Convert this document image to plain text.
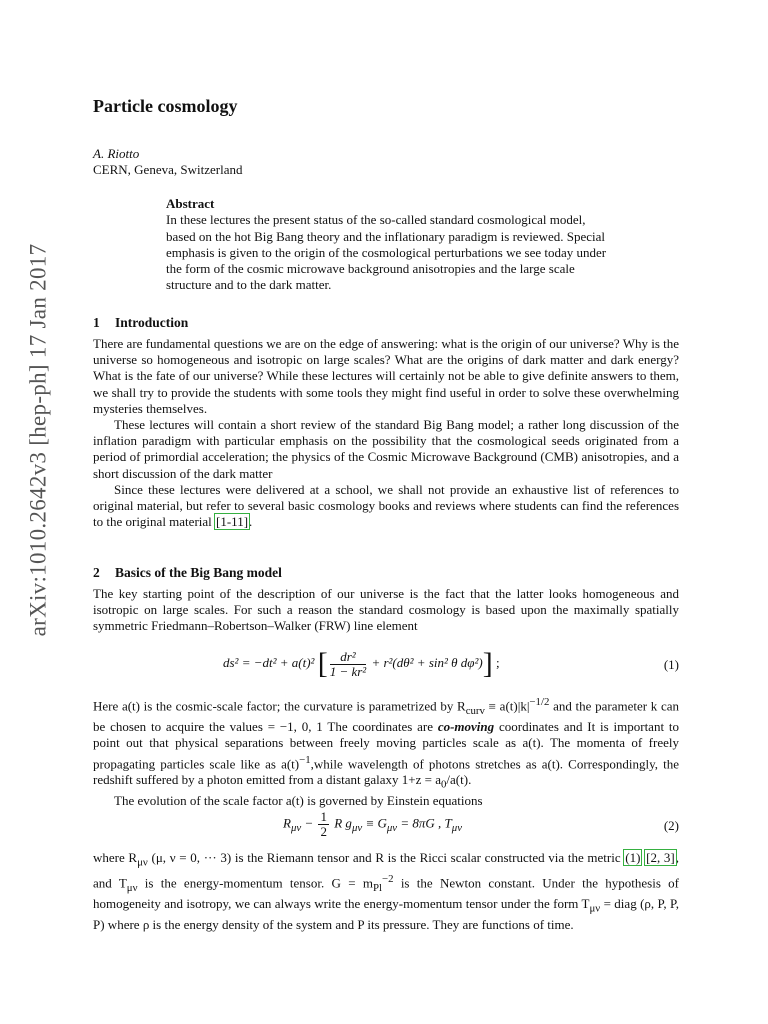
arXiv:1010.2642v3 [hep-ph] 17 Jan 2017
Particle cosmology
A. Riotto
CERN, Geneva, Switzerland
Abstract

In these lectures the present status of the so-called standard cosmological model, based on the hot Big Bang theory and the inflationary paradigm is reviewed. Special emphasis is given to the origin of the cosmological perturbations we see today under the form of the cosmic microwave background anisotropies and the large scale structure and to the dark matter.

1 Introduction

There are fundamental questions we are on the edge of answering: what is the origin of our universe? Why is the universe so homogeneous and isotropic on large scales? What are the origins of dark matter and dark energy? What is the fate of our universe? While these lectures will certainly not be able to give definite answers to them, we shall try to provide the students with some tools they might find useful in order to solve these overwhelming mysteries themselves.

These lectures will contain a short review of the standard Big Bang model; a rather long discussion of the inflation paradigm with particular emphasis on the possibility that the cosmological seeds originated from a period of primordial acceleration; the physics of the Cosmic Microwave Background (CMB) anisotropies, and a short discussion of the dark matter

Since these lectures were delivered at a school, we shall not provide an exhaustive list of references to original material, but refer to several basic cosmology books and reviews where students can find the references to the original material [1-11].

2 Basics of the Big Bang model

The key starting point of the description of our universe is the fact that the latter looks homogeneous and isotropic on large scales. For such a reason the standard cosmology is based upon the maximally spatially symmetric Friedmann–Robertson–Walker (FRW) line element

ds² = −dt² + a(t)² [ $\frac{\text{dr²}}{\text{1 − kr²}} + r^2(d\theta^2 + \sin^2$ θ dφ²)] ;	(1)

Here a(t) is the cosmic-scale factor; the curvature is parametrized by $R_{curv} \equiv a(t)|k|^{-1/2}$ and the parameter k can be chosen to acquire the values = −1, 0, 1 The coordinates are co-moving coordinates and It is important to point out that physical separations between freely moving particles scale as a(t). The momenta of freely propagating particles scale like as $a(t)^{-1},while$ wavelength of photons stretches as a(t). Correspondingly, the redshift suffered by a photon emitted from a distant galaxy $1+z = a_0/a(t)$.

The evolution of the scale factor a(t) is governed by Einstein equations

$R_{\mu\nu} - \frac{1}{2}$ R $g_{\mu\nu} \equiv G_{\mu\nu} = 8\pi G$ , $T_{\mu\nu}$	(2)

where $R_{\mu\nu}$ (μ, ν = 0, ··· 3) is the Riemann tensor and R is the Ricci scalar constructed via the metric (1) [2, 3], and $T_{\mu\nu}$ is the energy-momentum tensor. $G = m_{Pl}^{-2}$ is the Newton constant. Under the hypothesis of homogeneity and isotropy, we can always write the energy-momentum tensor under the form $T_{\mu\nu}$ = diag (ρ, P, P, P) where ρ is the energy density of the system and P its pressure. They are functions of time.
